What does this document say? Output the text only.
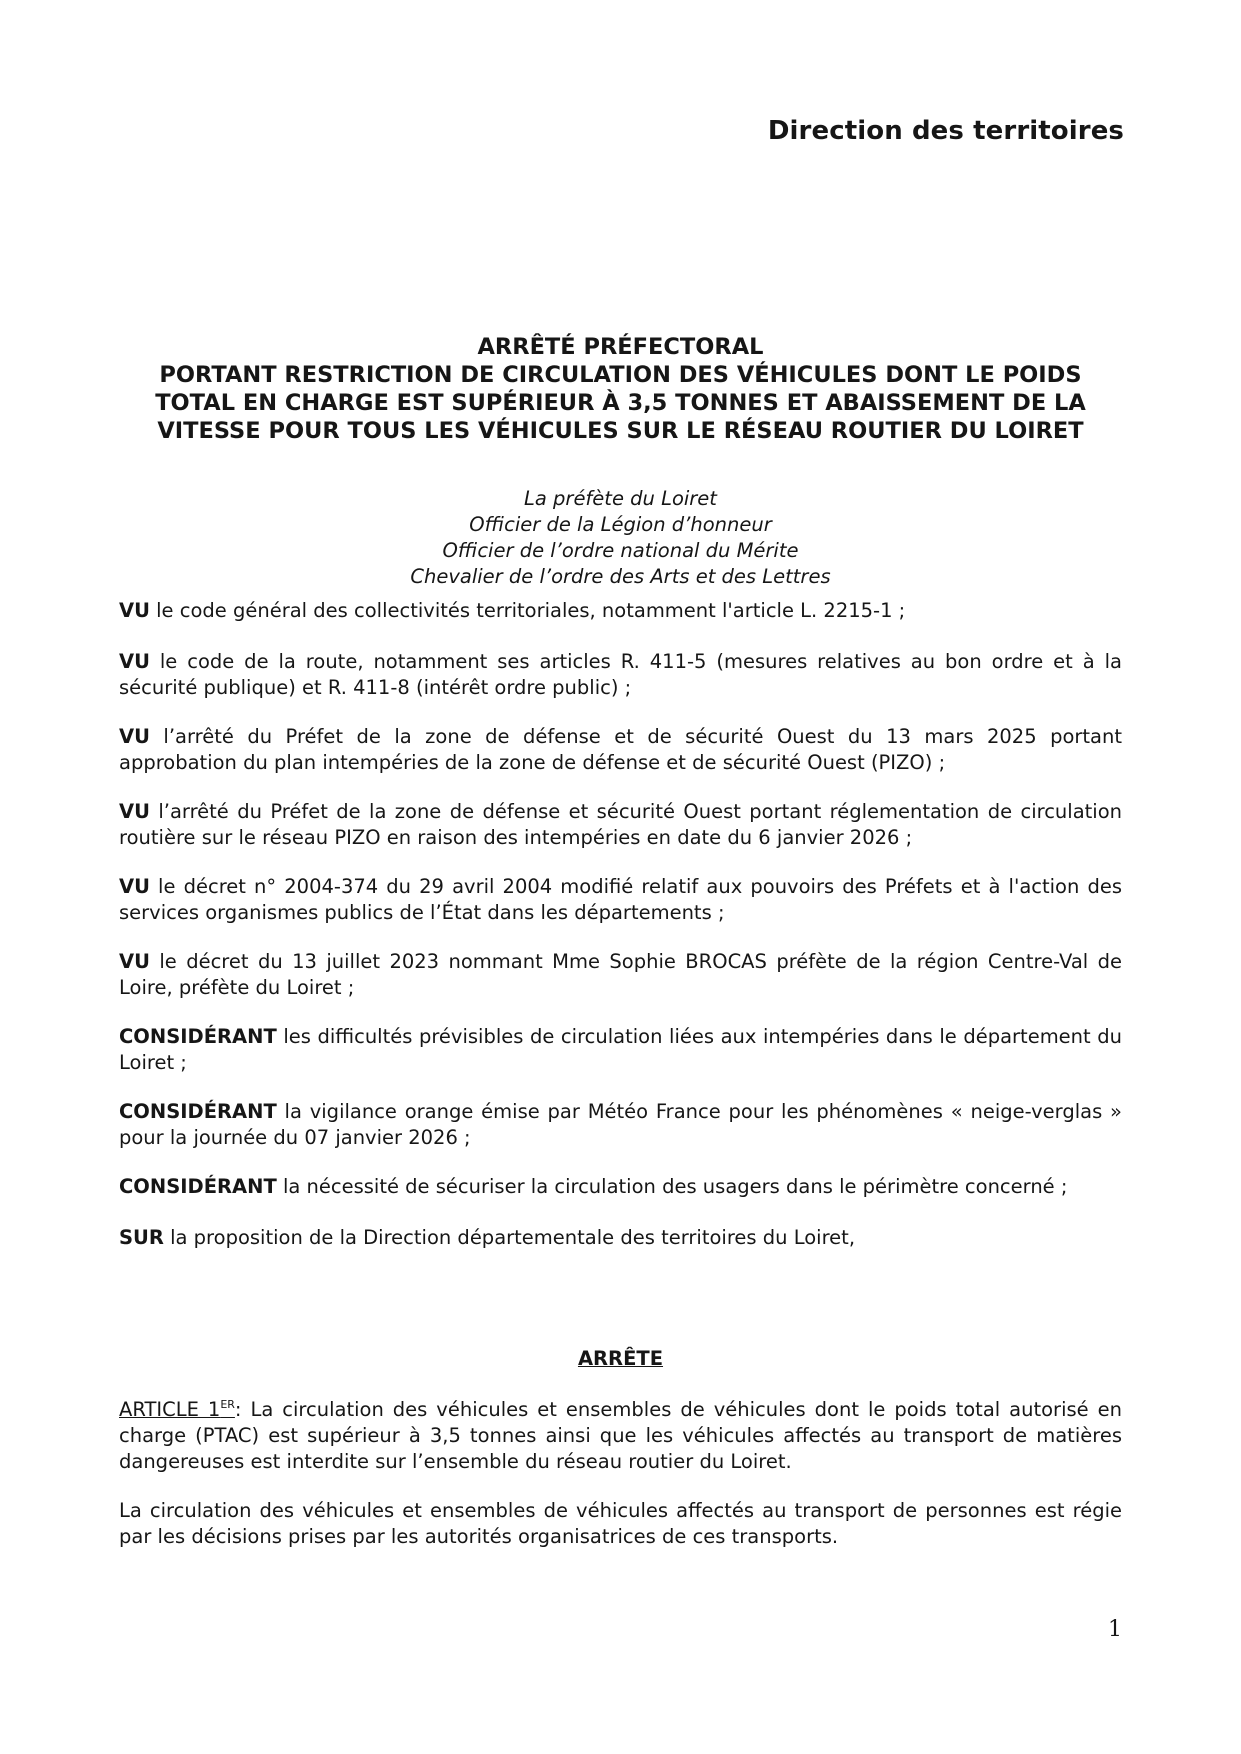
Direction des territoires
ARRÊTÉ PRÉFECTORAL
PORTANT RESTRICTION DE CIRCULATION DES VÉHICULES DONT LE POIDS
TOTAL EN CHARGE EST SUPÉRIEUR À 3,5 TONNES ET ABAISSEMENT DE LA
VITESSE POUR TOUS LES VÉHICULES SUR LE RÉSEAU ROUTIER DU LOIRET
La préfète du Loiret
Officier de la Légion d’honneur
Officier de l’ordre national du Mérite
Chevalier de l’ordre des Arts et des Lettres

VU le code général des collectivités territoriales, notamment l'article L. 2215-1 ;

VU le code de la route, notamment ses articles R. 411-5 (mesures relatives au bon ordre et à la sécurité publique) et R. 411-8 (intérêt ordre public) ;

VU l’arrêté du Préfet de la zone de défense et de sécurité Ouest du 13 mars 2025 portant approbation du plan intempéries de la zone de défense et de sécurité Ouest (PIZO) ;

VU l’arrêté du Préfet de la zone de défense et sécurité Ouest portant réglementation de circulation routière sur le réseau PIZO en raison des intempéries en date du 6 janvier 2026 ;

VU le décret n° 2004-374 du 29 avril 2004 modifié relatif aux pouvoirs des Préfets et à l'action des services organismes publics de l’État dans les départements ;

VU le décret du 13 juillet 2023 nommant Mme Sophie BROCAS préfète de la région Centre-Val de Loire, préfète du Loiret ;

CONSIDÉRANT les difficultés prévisibles de circulation liées aux intempéries dans le département du Loiret ;

CONSIDÉRANT la vigilance orange émise par Météo France pour les phénomènes « neige-verglas » pour la journée du 07 janvier 2026 ;

CONSIDÉRANT la nécessité de sécuriser la circulation des usagers dans le périmètre concerné ;

SUR la proposition de la Direction départementale des territoires du Loiret,

ARRÊTE

ARTICLE 1ER: La circulation des véhicules et ensembles de véhicules dont le poids total autorisé en charge (PTAC) est supérieur à 3,5 tonnes ainsi que les véhicules affectés au transport de matières dangereuses est interdite sur l’ensemble du réseau routier du Loiret.

La circulation des véhicules et ensembles de véhicules affectés au transport de personnes est régie par les décisions prises par les autorités organisatrices de ces transports.

1
